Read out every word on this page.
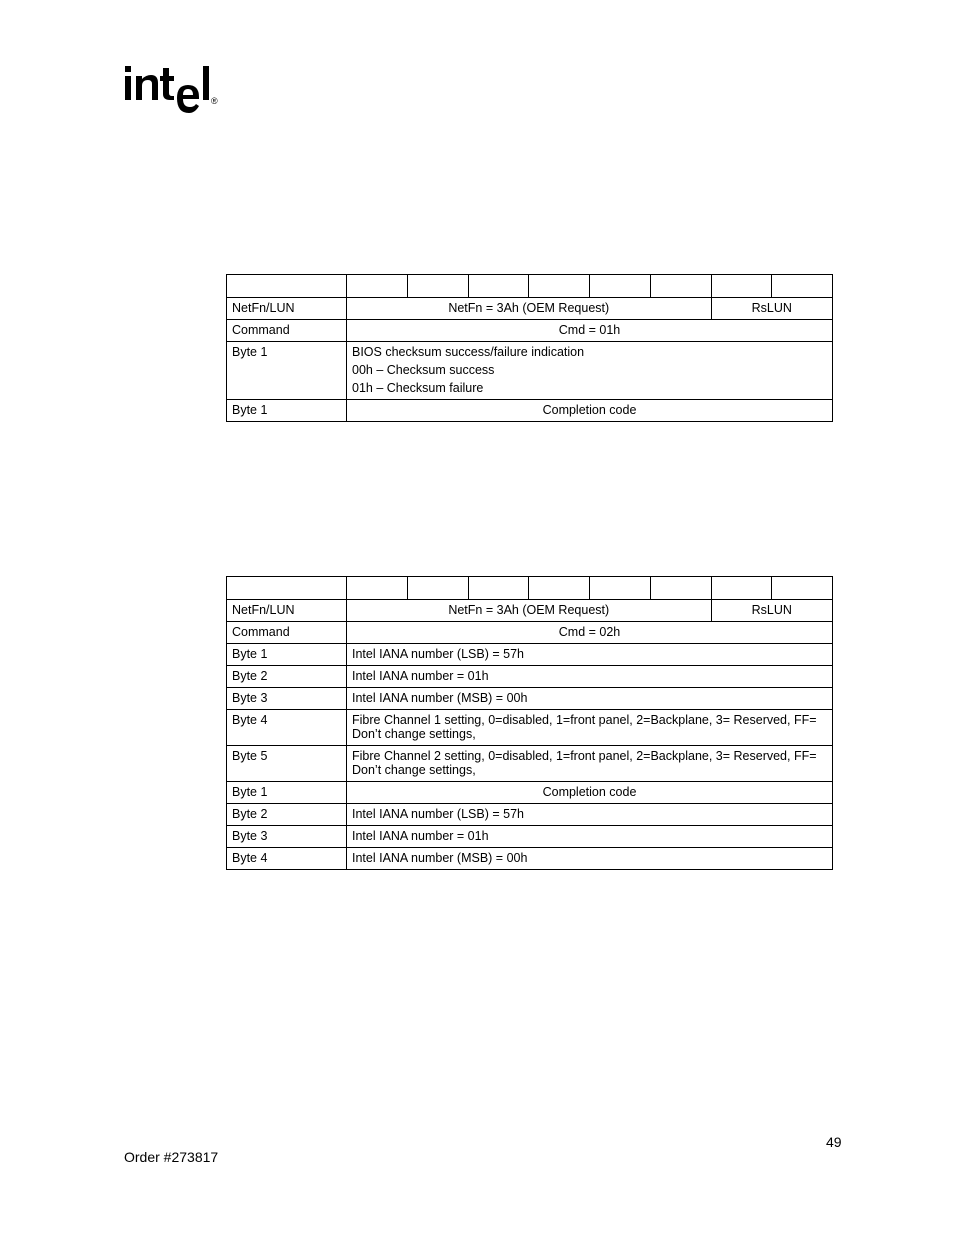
®

NetFn/LUN	NetFn = 3Ah (OEM Request)						RsLUN	
Command	Cmd = 01h							
Byte 1	BIOS checksum success/failure indication

00h – Checksum success

01h – Checksum failure							

Byte 1	Completion code							

NetFn/LUN	NetFn = 3Ah (OEM Request)						RsLUN	
Command	Cmd = 02h							
Byte 1	Intel IANA number (LSB) = 57h							
Byte 2	Intel IANA number = 01h							
Byte 3	Intel IANA number (MSB) = 00h							
Byte 4	Fibre Channel 1 setting, 0=disabled, 1=front panel, 2=Backplane, 3= Reserved, FF= Don’t change settings,							
Byte 5	Fibre Channel 2 setting, 0=disabled, 1=front panel, 2=Backplane, 3= Reserved, FF= Don’t change settings,							
Byte 1	Completion code							
Byte 2	Intel IANA number (LSB) = 57h							
Byte 3	Intel IANA number = 01h							
Byte 4	Intel IANA number (MSB) = 00h							
49
Order #273817
